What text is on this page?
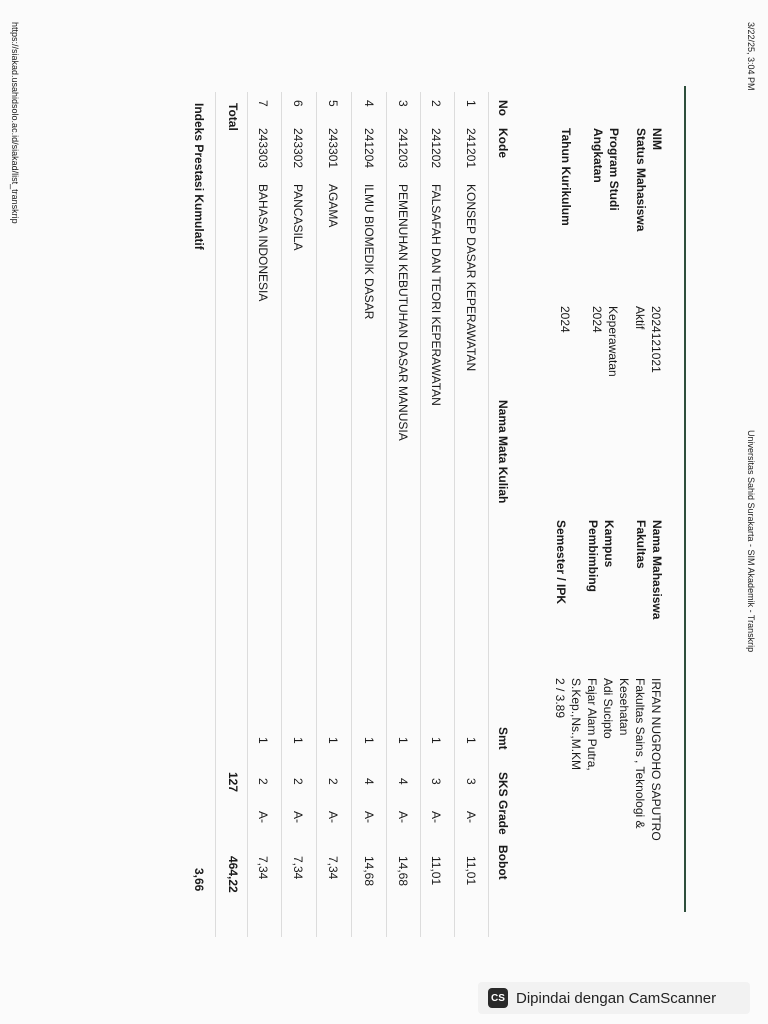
3/22/25, 3:04 PM
Universitas Sahid Surakarta - SIM Akademik - Transkrip
NIM
2024121021
Status Mahasiswa
Aktif
Program Studi
Keperawatan
Angkatan
2024
Tahun Kurikulum
2024
Nama Mahasiswa
IRFAN NUGROHO SAPUTRO
Fakultas
Fakultas Sains , Teknologi & Kesehatan
Kampus
Adi Sucipto
Pembimbing
Fajar Alam Putra, S.Kep.,Ns.,M.KM
Semester / IPK
2 / 3.89
No
Kode
Nama Mata Kuliah
Smt
SKS
Grade
Bobot
1
241201
KONSEP DASAR KEPERAWATAN
1
3
A-
11,01
2
241202
FALSAFAH DAN TEORI KEPERAWATAN
1
3
A-
11,01
3
241203
PEMENUHAN KEBUTUHAN DASAR MANUSIA
1
4
A-
14,68
4
241204
ILMU BIOMEDIK DASAR
1
4
A-
14,68
5
243301
AGAMA
1
2
A-
7,34
6
243302
PANCASILA
1
2
A-
7,34
7
243303
BAHASA INDONESIA
1
2
A-
7,34
Total
127
464,22
Indeks Prestasi Kumulatif
3,66
https://siakad.usahidsolo.ac.id/siakad/list_transkrip
CS Dipindai dengan CamScanner
